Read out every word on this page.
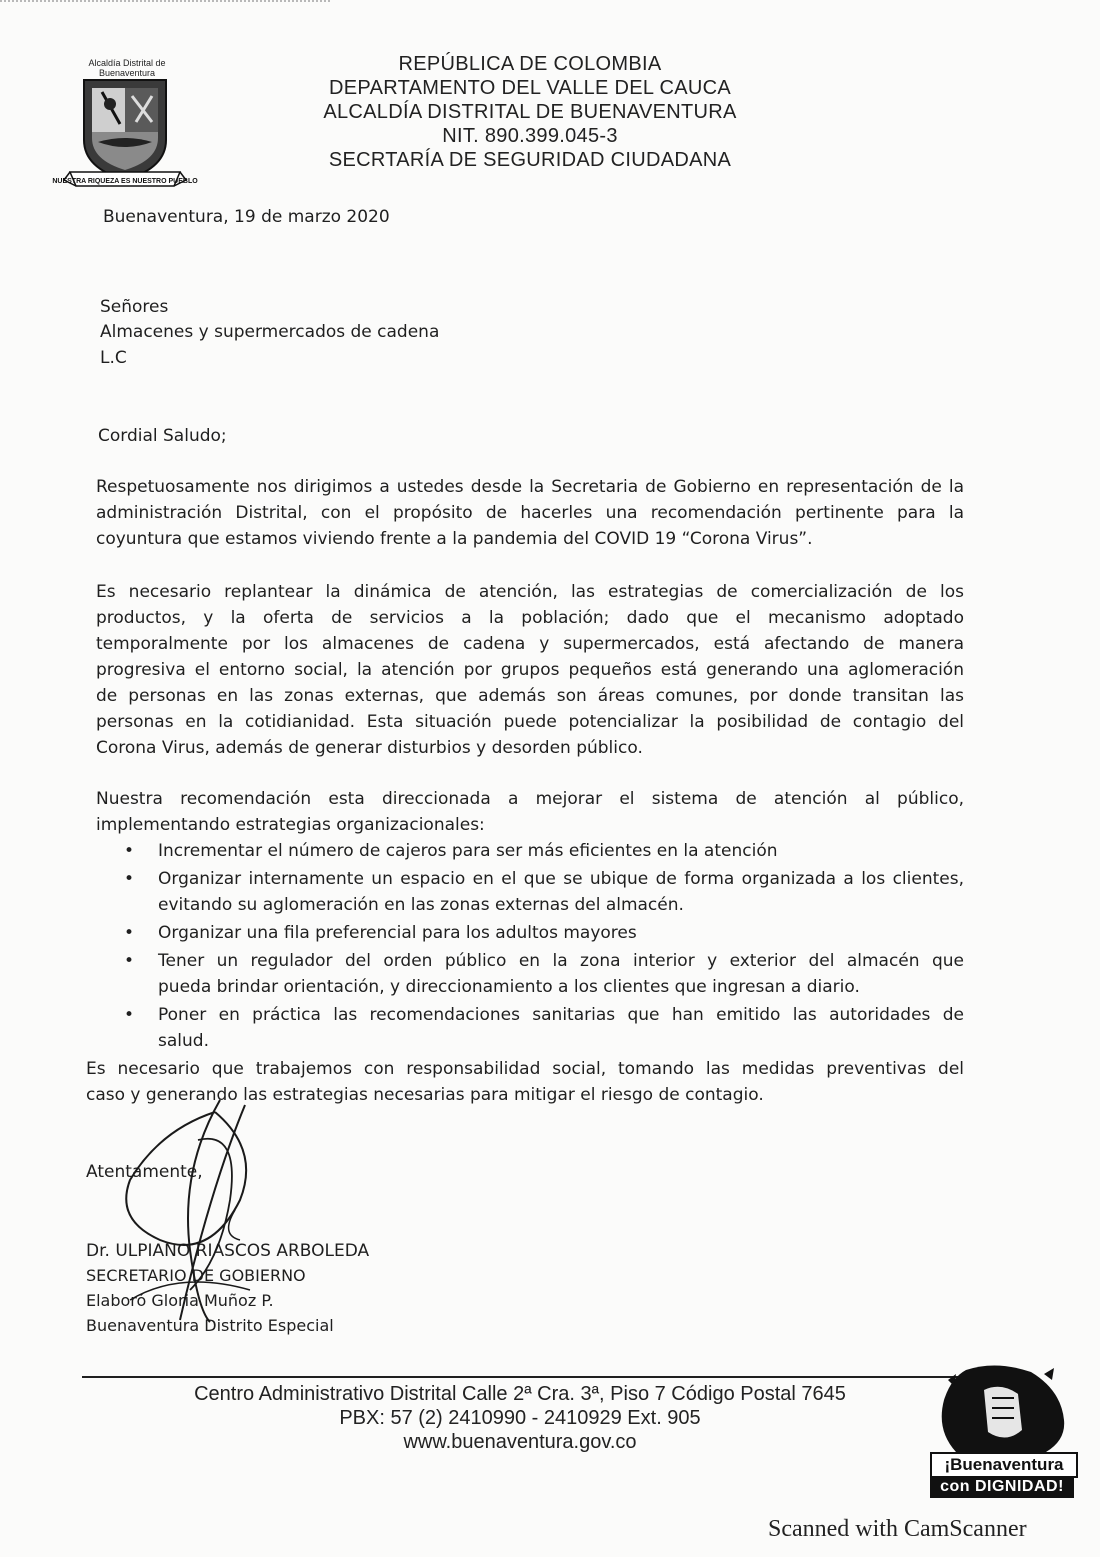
NUESTRA RIQUEZA ES NUESTRO PUEBLO
Alcaldía Distrital de Buenaventura	REPÚBLICA DE COLOMBIA
DEPARTAMENTO DEL VALLE DEL CAUCA
ALCALDÍA DISTRITAL DE BUENAVENTURA
NIT. 890.399.045-3
SECRTARÍA DE SEGURIDAD CIUDADANA
Buenaventura, 19 de marzo 2020
Señores
Almacenes y supermercados de cadena
L.C
Cordial Saludo;
Respetuosamente nos dirigimos a ustedes desde la Secretaria de Gobierno en representación de la
administración Distrital, con el propósito de hacerles una recomendación pertinente para la
coyuntura que estamos viviendo frente a la pandemia del COVID 19 “Corona Virus”.
Es necesario replantear la dinámica de atención, las estrategias de comercialización de los
productos, y la oferta de servicios a la población; dado que el mecanismo adoptado
temporalmente por los almacenes de cadena y supermercados, está afectando de manera
progresiva el entorno social, la atención por grupos pequeños está generando una aglomeración
de personas en las zonas externas, que además son áreas comunes, por donde transitan las
personas en la cotidianidad. Esta situación puede potencializar la posibilidad de contagio del
Corona Virus, además de generar disturbios y desorden público.
Nuestra recomendación esta direccionada a mejorar el sistema de atención al público,
implementando estrategias organizacionales:
• Incrementar el número de cajeros para ser más eficientes en la atención
• Organizar internamente un espacio en el que se ubique de forma organizada a los clientes,
evitando su aglomeración en las zonas externas del almacén.
• Organizar una fila preferencial para los adultos mayores
• Tener un regulador del orden público en la zona interior y exterior del almacén que
pueda brindar orientación, y direccionamiento a los clientes que ingresan a diario.
• Poner en práctica las recomendaciones sanitarias que han emitido las autoridades de
salud.
Es necesario que trabajemos con responsabilidad social, tomando las medidas preventivas del
caso y generando las estrategias necesarias para mitigar el riesgo de contagio.
Atentamente,
Dr. ULPIANO RIASCOS ARBOLEDA
SECRETARIO DE GOBIERNO
Elaboró Gloria Muñoz P.
Buenaventura Distrito Especial
Centro Administrativo Distrital Calle 2ª Cra. 3ª, Piso 7 Código Postal 7645
PBX: 57 (2) 2410990 - 2410929 Ext. 905
www.buenaventura.gov.co
¡Buenaventura
con DIGNIDAD!
Scanned with CamScanner
